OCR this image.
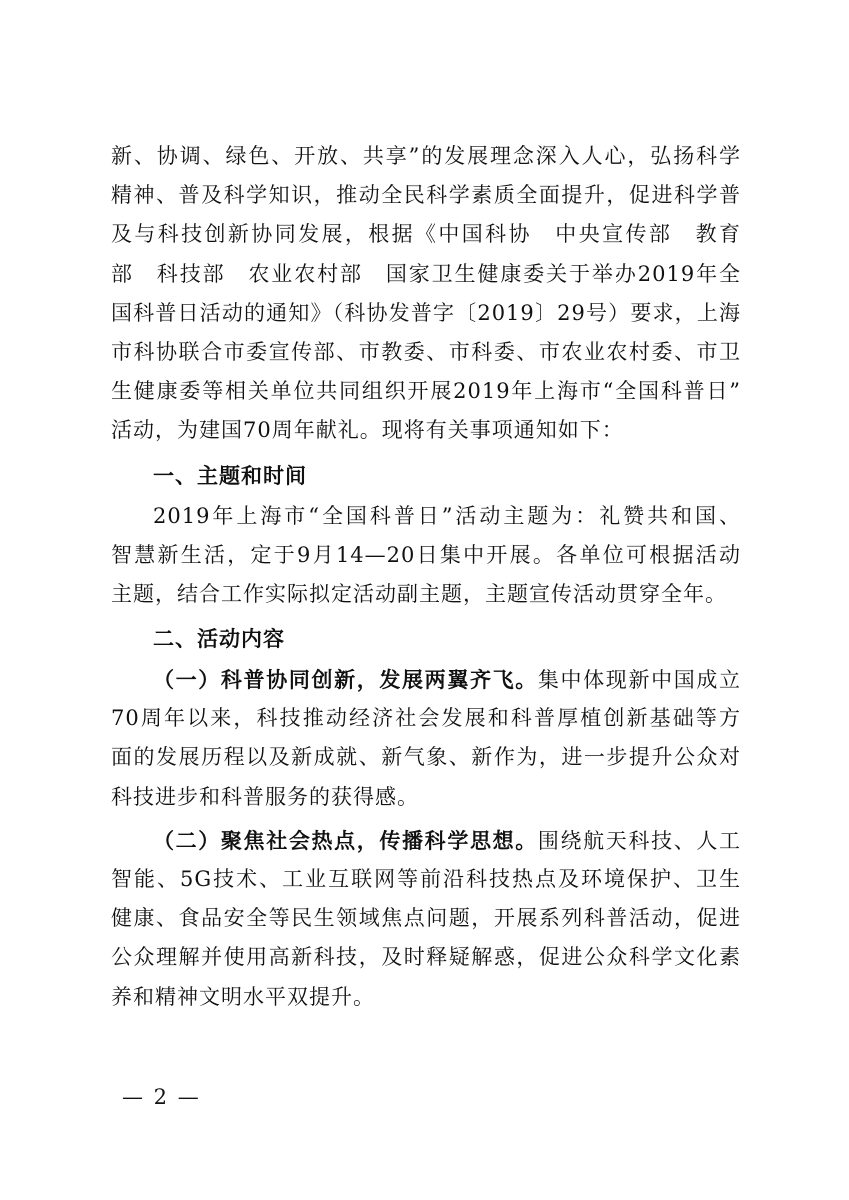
新、协调、绿色、开放、共享”的发展理念深入人心，弘扬科学
精神、普及科学知识，推动全民科学素质全面提升，促进科学普
及与科技创新协同发展，根据《中国科协　中央宣传部　教育
部　科技部　农业农村部　国家卫生健康委关于举办2019年全
国科普日活动的通知》（科协发普字〔2019〕29号）要求，上海
市科协联合市委宣传部、市教委、市科委、市农业农村委、市卫
生健康委等相关单位共同组织开展2019年上海市“全国科普日”
活动，为建国70周年献礼。现将有关事项通知如下：
一、主题和时间
2019年上海市“全国科普日”活动主题为：礼赞共和国、
智慧新生活，定于9月14—20日集中开展。各单位可根据活动
主题，结合工作实际拟定活动副主题，主题宣传活动贯穿全年。
二、活动内容
（一）科普协同创新，发展两翼齐飞。集中体现新中国成立
70周年以来，科技推动经济社会发展和科普厚植创新基础等方
面的发展历程以及新成就、新气象、新作为，进一步提升公众对
科技进步和科普服务的获得感。
（二）聚焦社会热点，传播科学思想。围绕航天科技、人工
智能、5G技术、工业互联网等前沿科技热点及环境保护、卫生
健康、食品安全等民生领域焦点问题，开展系列科普活动，促进
公众理解并使用高新科技，及时释疑解惑，促进公众科学文化素
养和精神文明水平双提升。
— 2 —
